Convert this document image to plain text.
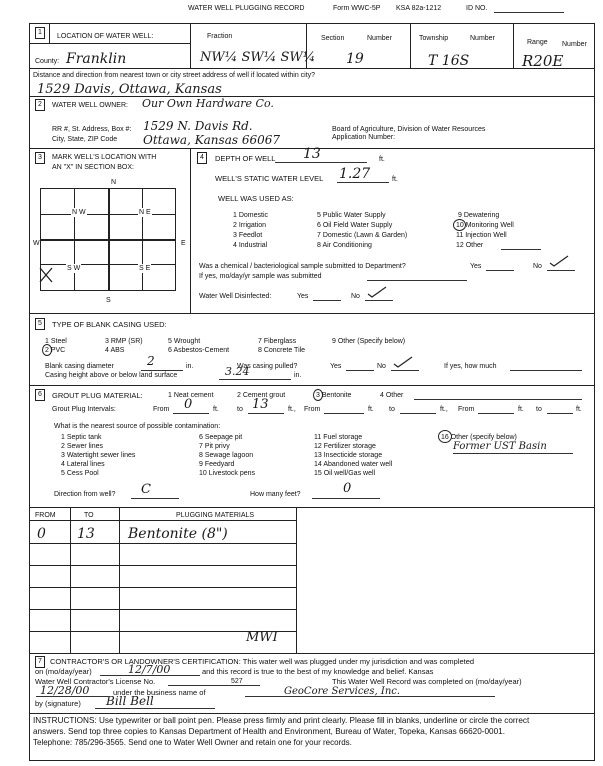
WATER WELL PLUGGING RECORD	Form WWC-5P KSA 82a-1212	ID NO.
1
LOCATION OF WATER WELL:	Fraction	Section	Number	Township	Number
Range Number
County: Franklin	NW¼ SW¼ SW¼ 19	T 16S	R20E
Distance and direction from nearest town or city street address of well if located within city?
1529 Davis, Ottawa, Kansas
2	WATER WELL OWNER: Our Own Hardware Co.
RR #, St. Address, Box #: 1529 N. Davis Rd.
City, State, ZIP Code Ottawa, Kansas 66067
Board of Agriculture, Division of Water Resources
Application Number:
3	MARK WELL'S LOCATION WITH
AN "X" IN SECTION BOX:
N
S
E
W
N W	N E
S W	S E
4	DEPTH OF WELL 13	ft.
WELL'S STATIC WATER LEVEL 1.27	ft.
WELL WAS USED AS:
1 Domestic
2 Irrigation
3 Feedlot
4 Industrial
5 Public Water Supply
6 Oil Field Water Supply
7 Domestic (Lawn & Garden)
8 Air Conditioning
9 Dewatering
10 Monitoring Well
11 Injection Well
12 Other
Was a chemical / bacteriological sample submitted to Department?	Yes	No
If yes, mo/day/yr sample was submitted
Water Well Disinfected:	Yes	No
5	TYPE OF BLANK CASING USED:
1 Steel
2 PVC
3 RMP (SR)
4 ABS
5 Wrought
6 Asbestos-Cement
7 Fiberglass
8 Concrete Tile
9 Other (Specify below)
Blank casing diameter	2	in.	Was casing pulled?	Yes	No	If yes, how much
Casing height above or below land surface	3.24	in.
6	GROUT PLUG MATERIAL:	1 Neat cement	2 Cement grout	3 Bentonite	4 Other
Grout Plug Intervals:	From 0	ft.	to 13	ft., From	ft. to	ft., From	ft. to	ft.
What is the nearest source of possible contamination:
1 Septic tank
2 Sewer lines
3 Watertight sewer lines
4 Lateral lines
5 Cess Pool
6 Seepage pit
7 Pit privy
8 Sewage lagoon
9 Feedyard
10 Livestock pens
11 Fuel storage
12 Fertilizer storage
13 Insecticide storage
14 Abandoned water well
15 Oil well/Gas well
16 Other (specify below)
Former UST Basin
Direction from well? C	How many feet?	0
FROM	TO	PLUGGING MATERIALS
0 13 Bentonite (8")
MWI
7	CONTRACTOR'S OR LANDOWNER'S CERTIFICATION: This water well was plugged under my jurisdiction and was completed
on (mo/day/year)	12/7/00	and this record is true to the best of my knowledge and belief. Kansas
Water Well Contractor's License No.	527	This Water Well Record was completed on (mo/day/year)
12/28/00	under the business name of	GeoCore Services, Inc.
by (signature) Bill Bell
INSTRUCTIONS: Use typewriter or ball point pen. Please press firmly and print clearly. Please fill in blanks, underline or circle the correct
answers. Send top three copies to Kansas Department of Health and Environment, Bureau of Water, Topeka, Kansas 66620-0001.
Telephone: 785/296-3565. Send one to Water Well Owner and retain one for your records.
